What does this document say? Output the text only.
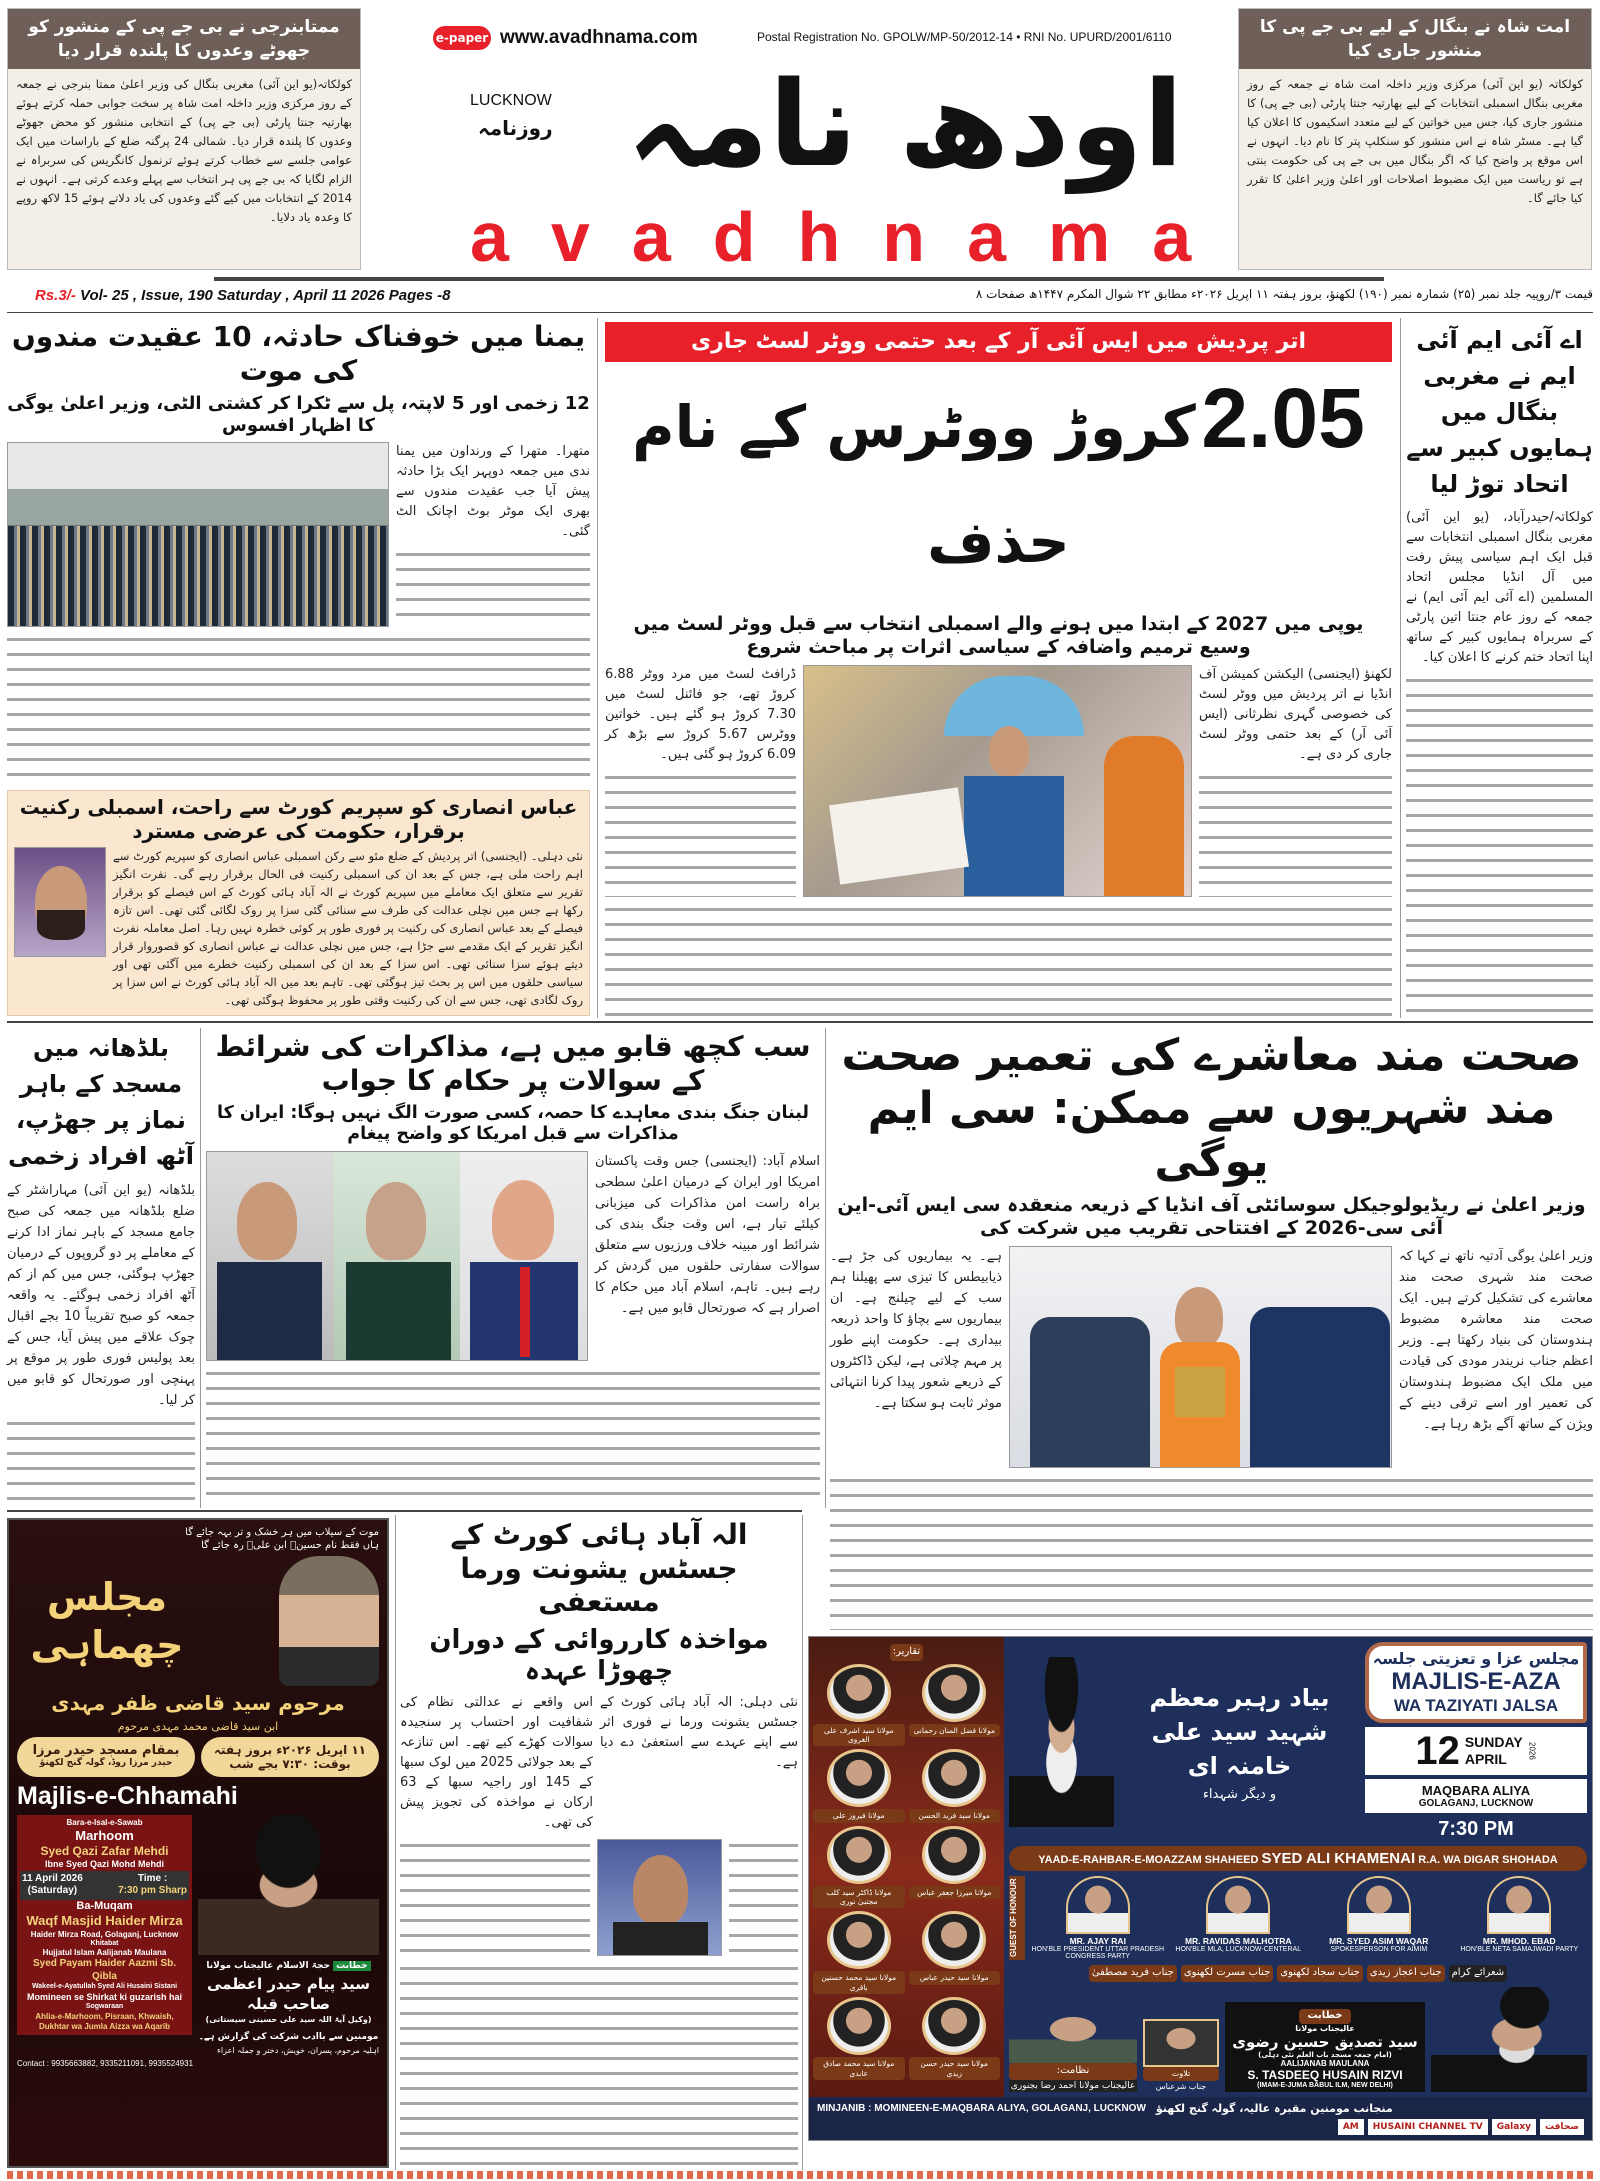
ممتابنرجی نے بی جے پی کے منشور کو جھوٹے وعدوں کا پلندہ قرار دیا
کولکاتہ(یو این آئی) مغربی بنگال کی وزیر اعلیٰ ممتا بنرجی نے جمعہ کے روز مرکزی وزیر داخلہ امت شاہ پر سخت جوابی حملہ کرتے ہوئے بھارتیہ جنتا پارٹی (بی جے پی) کے انتخابی منشور کو محض جھوٹے وعدوں کا پلندہ قرار دیا۔ شمالی 24 پرگنہ ضلع کے باراسات میں ایک عوامی جلسے سے خطاب کرتے ہوئے ترنمول کانگریس کی سربراہ نے الزام لگایا کہ بی جے پی ہر انتخاب سے پہلے وعدے کرتی ہے۔ انہوں نے 2014 کے انتخابات میں کیے گئے وعدوں کی یاد دلاتے ہوئے 15 لاکھ روپے کا وعدہ یاد دلایا۔
امت شاہ نے بنگال کے لیے بی جے پی کا منشور جاری کیا
کولکاتہ (یو این آئی) مرکزی وزیر داخلہ امت شاہ نے جمعہ کے روز مغربی بنگال اسمبلی انتخابات کے لیے بھارتیہ جنتا پارٹی (بی جے پی) کا منشور جاری کیا، جس میں خواتین کے لیے متعدد اسکیموں کا اعلان کیا گیا ہے۔ مسٹر شاہ نے اس منشور کو سنکلپ پتر کا نام دیا۔ انہوں نے اس موقع پر واضح کیا کہ اگر بنگال میں بی جے پی کی حکومت بنتی ہے تو ریاست میں ایک مضبوط اصلاحات اور اعلیٰ وزیر اعلیٰ کا تقرر کیا جائے گا۔
e-paper www.avadhnama.com	Postal Registration No. GPOLW/MP-50/2012-14 • RNI No. UPURD/2001/6110
LUCKNOW
روزنامہ اودھ نامہ
avadhnama
Rs.3/- Vol- 25 , Issue, 190 Saturday , April 11 2026 Pages -8	قیمت ۳/روپیہ جلد نمبر (۲۵) شمارہ نمبر (۱۹۰) لکھنؤ، بروز ہفتہ ۱۱ اپریل ۲۰۲۶ء مطابق ۲۲ شوال المکرم ۱۴۴۷ھ صفحات ۸
یمنا میں خوفناک حادثہ، 10 عقیدت مندوں کی موت
12 زخمی اور 5 لاپتہ، پل سے ٹکرا کر کشتی الٹی، وزیر اعلیٰ یوگی کا اظہار افسوس
متھرا۔ متھرا کے ورنداون میں یمنا ندی میں جمعہ دوپہر ایک بڑا حادثہ پیش آیا جب عقیدت مندوں سے بھری ایک موٹر بوٹ اچانک الٹ گئی۔
عباس انصاری کو سپریم کورٹ سے راحت، اسمبلی رکنیت برقرار، حکومت کی عرضی مسترد
نئی دہلی۔ (ایجنسی) اتر پردیش کے ضلع مئو سے رکن اسمبلی عباس انصاری کو سپریم کورٹ سے اہم راحت ملی ہے، جس کے بعد ان کی اسمبلی رکنیت فی الحال برقرار رہے گی۔ نفرت انگیز تقریر سے متعلق ایک معاملے میں سپریم کورٹ نے الہ آباد ہائی کورٹ کے اس فیصلے کو برقرار رکھا ہے جس میں نچلی عدالت کی طرف سے سنائی گئی سزا پر روک لگائی گئی تھی۔ اس تازہ فیصلے کے بعد عباس انصاری کی رکنیت پر فوری طور پر کوئی خطرہ نہیں رہا۔ اصل معاملہ نفرت انگیز تقریر کے ایک مقدمے سے جڑا ہے، جس میں نچلی عدالت نے عباس انصاری کو قصوروار قرار دیتے ہوئے سزا سنائی تھی۔ اس سزا کے بعد ان کی اسمبلی رکنیت خطرے میں آگئی تھی اور سیاسی حلقوں میں اس پر بحث تیز ہوگئی تھی۔ تاہم بعد میں الہ آباد ہائی کورٹ نے اس سزا پر روک لگادی تھی، جس سے ان کی رکنیت وقتی طور پر محفوظ ہوگئی تھی۔
اتر پردیش میں ایس آئی آر کے بعد حتمی ووٹر لسٹ جاری
2.05 کروڑ ووٹرس کے نام حذف
یوپی میں 2027 کے ابتدا میں ہونے والے اسمبلی انتخاب سے قبل ووٹر لسٹ میں وسیع ترمیم واضافہ کے سیاسی اثرات پر مباحث شروع
ڈرافٹ لسٹ میں مرد ووٹر 6.88 کروڑ تھے، جو فائنل لسٹ میں 7.30 کروڑ ہو گئے ہیں۔ خواتین ووٹرس 5.67 کروڑ سے بڑھ کر 6.09 کروڑ ہو گئی ہیں۔
لکھنؤ (ایجنسی) الیکشن کمیشن آف انڈیا نے اتر پردیش میں ووٹر لسٹ کی خصوصی گہری نظرثانی (ایس آئی آر) کے بعد حتمی ووٹر لسٹ جاری کر دی ہے۔
اے آئی ایم آئی ایم نے مغربی بنگال میں ہمایوں کبیر سے اتحاد توڑ لیا
کولکاتہ/حیدرآباد، (یو این آئی) مغربی بنگال اسمبلی انتخابات سے قبل ایک اہم سیاسی پیش رفت میں آل انڈیا مجلس اتحاد المسلمین (اے آئی ایم آئی ایم) نے جمعہ کے روز عام جنتا اتین پارٹی کے سربراہ ہمایوں کبیر کے ساتھ اپنا اتحاد ختم کرنے کا اعلان کیا۔
بلڈھانہ میں مسجد کے باہر نماز پر جھڑپ، آٹھ افراد زخمی
بلڈھانہ (یو این آئی) مہاراشٹر کے ضلع بلڈھانہ میں جمعہ کی صبح جامع مسجد کے باہر نماز ادا کرنے کے معاملے پر دو گروپوں کے درمیان جھڑپ ہوگئی، جس میں کم از کم آٹھ افراد زخمی ہوگئے۔ یہ واقعہ جمعہ کو صبح تقریباً 10 بجے اقبال چوک علاقے میں پیش آیا، جس کے بعد پولیس فوری طور پر موقع پر پہنچی اور صورتحال کو قابو میں کر لیا۔
سب کچھ قابو میں ہے، مذاکرات کی شرائط کے سوالات پر حکام کا جواب
لبنان جنگ بندی معاہدے کا حصہ، کسی صورت الگ نہیں ہوگا: ایران کا مذاکرات سے قبل امریکا کو واضح پیغام
اسلام آباد: (ایجنسی) جس وقت پاکستان امریکا اور ایران کے درمیان اعلیٰ سطحی براہ راست امن مذاکرات کی میزبانی کیلئے تیار ہے، اس وقت جنگ بندی کی شرائط اور مبینہ خلاف ورزیوں سے متعلق سوالات سفارتی حلقوں میں گردش کر رہے ہیں۔ تاہم، اسلام آباد میں حکام کا اصرار ہے کہ صورتحال قابو میں ہے۔
صحت مند معاشرے کی تعمیر صحت مند شہریوں سے ممکن: سی ایم یوگی
وزیر اعلیٰ نے ریڈیولوجیکل سوسائٹی آف انڈیا کے ذریعہ منعقدہ سی ایس آئی-این آئی سی-2026 کے افتتاحی تقریب میں شرکت کی
ہے۔ یہ بیماریوں کی جڑ ہے۔ ذیابیطس کا تیزی سے پھیلنا ہم سب کے لیے چیلنج ہے۔ ان بیماریوں سے بچاؤ کا واحد ذریعہ بیداری ہے۔ حکومت اپنے طور پر مہم چلاتی ہے، لیکن ڈاکٹروں کے ذریعے شعور پیدا کرنا انتہائی موثر ثابت ہو سکتا ہے۔
وزیر اعلیٰ یوگی آدتیہ ناتھ نے کہا کہ صحت مند شہری صحت مند معاشرے کی تشکیل کرتے ہیں۔ ایک صحت مند معاشرہ مضبوط ہندوستان کی بنیاد رکھتا ہے۔ وزیر اعظم جناب نریندر مودی کی قیادت میں ملک ایک مضبوط ہندوستان کی تعمیر اور اسے ترقی دینے کے ویژن کے ساتھ آگے بڑھ رہا ہے۔
موت کے سیلاب میں ہر خشک و تر بہہ جائے گا
ہاں فقط نام حسینؑ ابن علیؑ رہ جائے گا
مجلس چھماہی
مرحوم سید قاضی ظفر مہدی
ابن سید قاضی محمد مہدی مرحوم
بمقام مسجد حیدر مرزا
حیدر مرزا روڈ، گولہ گنج لکھنؤ
۱۱ اپریل ۲۰۲۶ء بروز ہفتہ
بوقت: ۷:۳۰ بجے شب
Majlis-e-Chhamahi
Bara-e-Isal-e-Sawab
Marhoom
Syed Qazi Zafar Mehdi
Ibne Syed Qazi Mohd Mehdi
11 April 2026
(Saturday)
Time :
7:30 pm Sharp
Ba-Muqam
Waqf Masjid Haider Mirza
Haider Mirza Road, Golaganj, Lucknow
Khitabat
Hujjatul Islam Aalijanab Maulana
Syed Payam Haider Aazmi Sb. Qibla
Wakeel-e-Ayatullah Syed Ali Husaini Sistani
Momineen se Shirkat ki guzarish hai
Sogwaraan
Ahlia-e-Marhoom, Pisraan, Khwaish, Dukhtar wa Jumla Aizza wa Aqarib
خطابت حجۃ الاسلام عالیجناب مولانا
سید پیام حیدر اعظمی صاحب قبلہ
(وکیل آیۃ اللہ سید علی حسینی سیستانی)
مومنین سے باادب شرکت کی گزارش ہے۔
اہلیہ مرحوم، پسران، خویش، دختر و جملہ اعزاء
Contact : 9935663882, 9335211091, 9935524931
الہ آباد ہائی کورٹ کے جسٹس یشونت ورما مستعفی
مواخذہ کارروائی کے دوران چھوڑا عہدہ
اس واقعے نے عدالتی نظام کی شفافیت اور احتساب پر سنجیدہ سوالات کھڑے کیے تھے۔ اس تنازعہ کے بعد جولائی 2025 میں لوک سبھا کے 145 اور راجیہ سبھا کے 63 ارکان نے مواخذہ کی تجویز پیش کی تھی۔
نئی دہلی: الہ آباد ہائی کورٹ کے جسٹس یشونت ورما نے فوری اثر سے اپنے عہدے سے استعفیٰ دے دیا ہے۔
تقاریر:
مولانا فضل المنان رحمانی
مولانا سید اشرف علی الغروی
مولانا سید فرید الحسن
مولانا فیروز علی
مولانا میرزا جعفر عباس
مولانا ڈاکٹر سید کلب مجتبیٰ نوری
مولانا سید حیدر عباس
مولانا سید محمد حسنین باقری
مولانا سید حیدر حسن زیدی
مولانا سید محمد صادق عابدی
بیاد رہبر معظم شہید سید علی خامنہ ای
و دیگر شہداء
مجلس عزا و تعزیتی جلسہ
MAJLIS-E-AZA
WA TAZIYATI JALSA
12 SUNDAY
APRIL	2026
MAQBARA ALIYA
GOLAGANJ, LUCKNOW
7:30 PM
YAAD-E-RAHBAR-E-MOAZZAM SHAHEED SYED ALI KHAMENAI R.A. WA DIGAR SHOHADA
GUEST OF HONOUR	MR. AJAY RAI
HON'BLE PRESIDENT UTTAR PRADESH CONGRESS PARTY
MR. RAVIDAS MALHOTRA
HON'BLE MLA, LUCKNOW-CENTERAL
MR. SYED ASIM WAQAR
SPOKESPERSON FOR AIMIM
MR. MHOD. EBAD
HON'BLE NETA SAMAJWADI PARTY
شعرائے کرام
جناب اعجاز زیدی
جناب سجاد لکھنوی
جناب مسرت لکھنوی
جناب فرید مصطفیٰ
نظامت:
عالیجناب مولانا احمد رضا بجنوری
تلاوت
جناب شرعباس
خطابت
عالیجناب مولانا
سید تصدیق حسین رضوی
(امام جمعہ مسجد باب العلم نئی دہلی)
AALIJANAB MAULANA
S. TASDEEQ HUSAIN RIZVI
(IMAM-E-JUMA BABUL ILM, NEW DELHI)
MINJANIB : MOMINEEN-E-MAQBARA ALIYA, GOLAGANJ, LUCKNOW منجانب مومنین مقبرہ عالیہ، گولہ گنج لکھنؤ
AM	HUSAINI CHANNEL TV	Galaxy	صحافت
